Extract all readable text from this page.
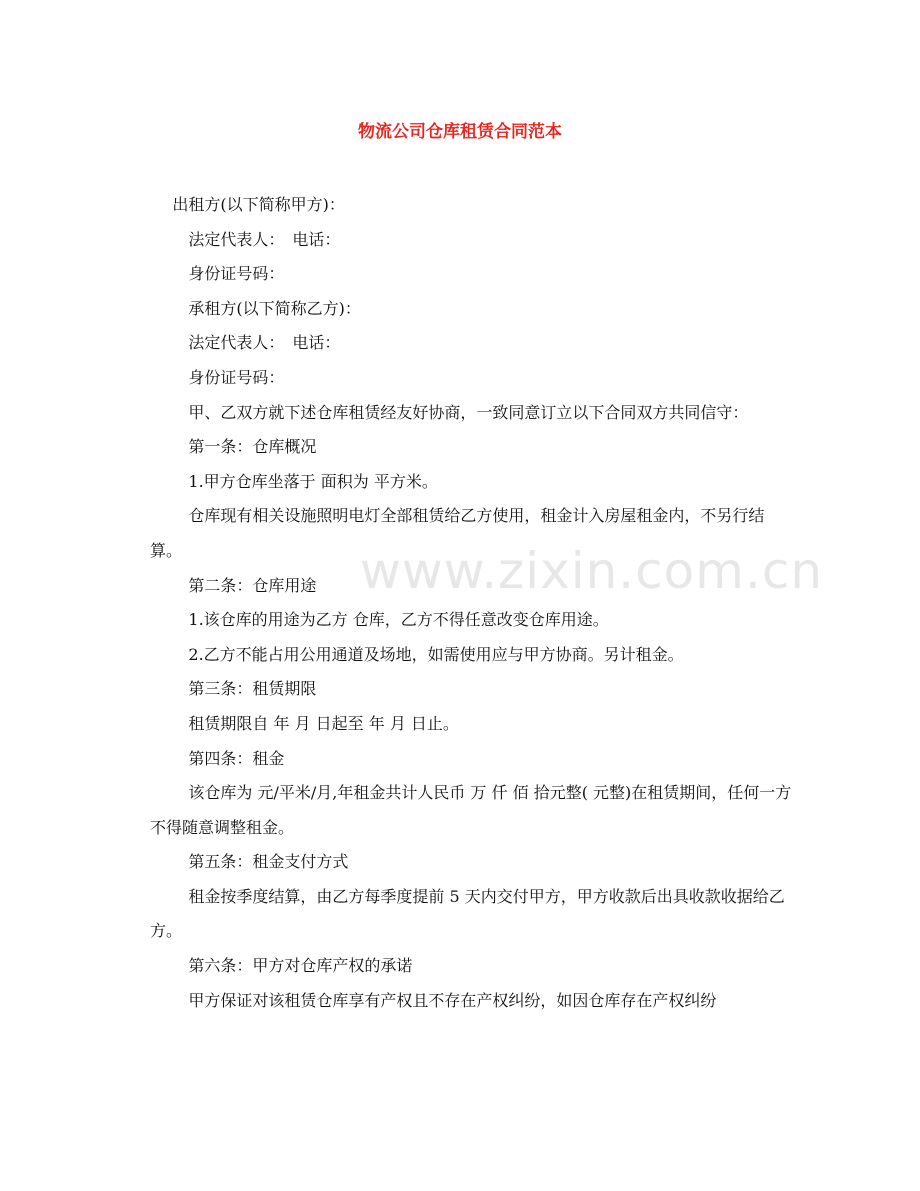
www.zixin.com.cn
物流公司仓库租赁合同范本

出租方(以下简称甲方)：

法定代表人：　电话：

身份证号码：

承租方(以下简称乙方)：

法定代表人：　电话：

身份证号码：

甲、乙双方就下述仓库租赁经友好协商，一致同意订立以下合同双方共同信守：

第一条：仓库概况

1.甲方仓库坐落于 面积为 平方米。

仓库现有相关设施照明电灯全部租赁给乙方使用，租金计入房屋租金内，不另行结算。

第二条：仓库用途

1.该仓库的用途为乙方 仓库，乙方不得任意改变仓库用途。

2.乙方不能占用公用通道及场地，如需使用应与甲方协商。另计租金。

第三条：租赁期限

租赁期限自 年 月 日起至 年 月 日止。

第四条：租金

该仓库为 元/平米/月,年租金共计人民币 万 仟 佰 拾元整( 元整)在租赁期间，任何一方不得随意调整租金。

第五条：租金支付方式

租金按季度结算，由乙方每季度提前 5 天内交付甲方，甲方收款后出具收款收据给乙方。

第六条：甲方对仓库产权的承诺

甲方保证对该租赁仓库享有产权且不存在产权纠纷，如因仓库存在产权纠纷
